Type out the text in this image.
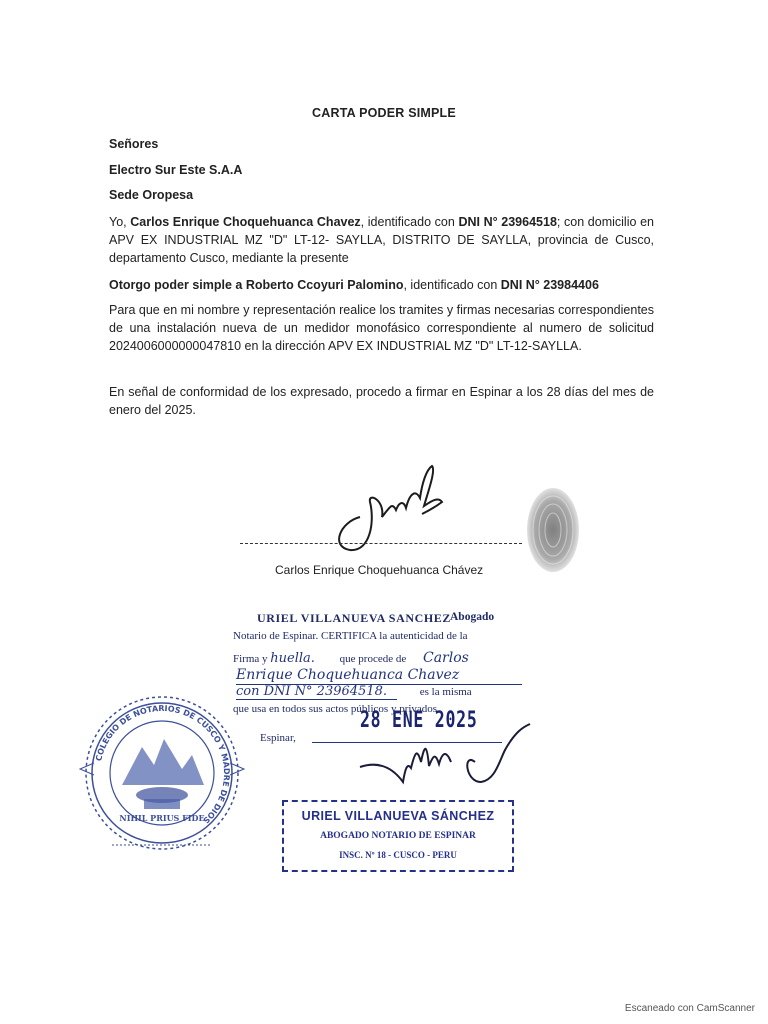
CARTA PODER SIMPLE
Señores
Electro Sur Este S.A.A
Sede Oropesa
Yo, Carlos Enrique Choquehuanca Chavez, identificado con DNI N° 23964518; con domicilio en APV EX INDUSTRIAL MZ "D" LT-12- SAYLLA, DISTRITO DE SAYLLA, provincia de Cusco, departamento Cusco, mediante la presente
Otorgo poder simple a Roberto Ccoyuri Palomino, identificado con DNI N° 23984406
Para que en mi nombre y representación realice los tramites y firmas necesarias correspondientes de una instalación nueva de un medidor monofásico correspondiente al numero de solicitud 2024006000000047810 en la dirección APV EX INDUSTRIAL MZ "D" LT-12-SAYLLA.
En señal de conformidad de los expresado, procedo a firmar en Espinar a los 28 días del mes de enero del 2025.
Carlos Enrique Choquehuanca Chávez
URIEL VILLANUEVA SANCHEZ
Abogado
Notario de Espinar. CERTIFICA la autenticidad de la
Firma y huella. que procede de Carlos
Enrique Choquehuanca Chavez
con DNI N° 23964518.	es la misma
que usa en todos sus actos públicos y privados.
Espinar,
28 ENE 2025
URIEL VILLANUEVA SÁNCHEZ
ABOGADO NOTARIO DE ESPINAR
INSC. Nº 18 - CUSCO - PERU
COLEGIO DE NOTARIOS DE CUSCO Y MADRE DE DIOS
NIHIL PRIUS FIDE
Escaneado con CamScanner
